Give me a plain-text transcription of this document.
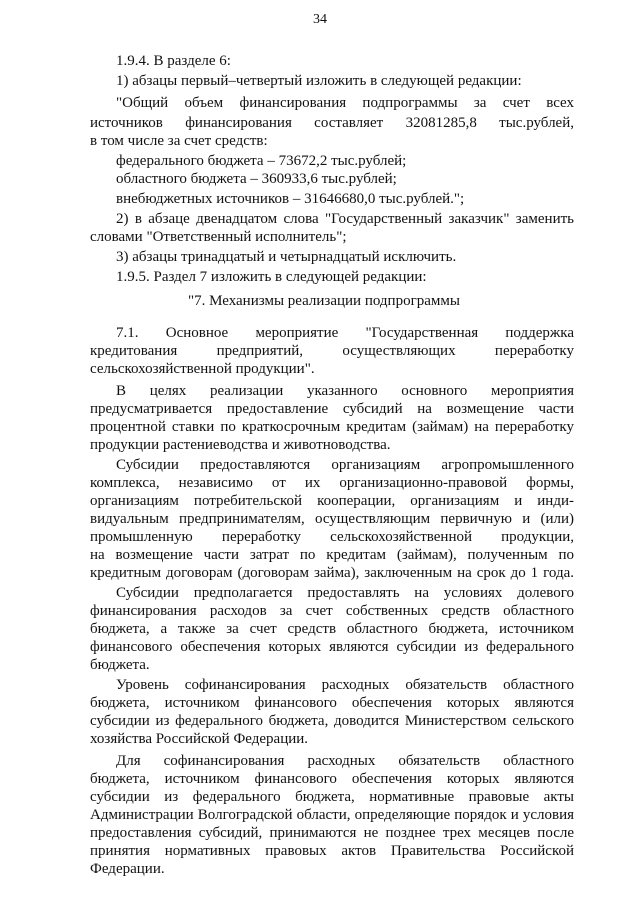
34
1.9.4. В разделе 6:
1) абзацы первый–четвертый изложить в следующей редакции:
"Общий объем финансирования подпрограммы за счет всех
источников финансирования составляет 32081285,8 тыс.рублей,
в том числе за счет средств:
федерального бюджета – 73672,2 тыс.рублей;
областного бюджета – 360933,6 тыс.рублей;
внебюджетных источников – 31646680,0 тыс.рублей.";
2) в абзаце двенадцатом слова "Государственный заказчик" заменить
словами "Ответственный исполнитель";
3) абзацы тринадцатый и четырнадцатый исключить.
1.9.5. Раздел 7 изложить в следующей редакции:
"7. Механизмы реализации подпрограммы
7.1. Основное мероприятие "Государственная поддержка
кредитования предприятий, осуществляющих переработку
сельскохозяйственной продукции".
В целях реализации указанного основного мероприятия
предусматривается предоставление субсидий на возмещение части
процентной ставки по краткосрочным кредитам (займам) на переработку
продукции растениеводства и животноводства.
Субсидии предоставляются организациям агропромышленного
комплекса, независимо от их организационно-правовой формы,
организациям потребительской кооперации, организациям и инди-
видуальным предпринимателям, осуществляющим первичную и (или)
промышленную переработку сельскохозяйственной продукции,
на возмещение части затрат по кредитам (займам), полученным по
кредитным договорам (договорам займа), заключенным на срок до 1 года.
Субсидии предполагается предоставлять на условиях долевого
финансирования расходов за счет собственных средств областного
бюджета, а также за счет средств областного бюджета, источником
финансового обеспечения которых являются субсидии из федерального
бюджета.
Уровень софинансирования расходных обязательств областного
бюджета, источником финансового обеспечения которых являются
субсидии из федерального бюджета, доводится Министерством сельского
хозяйства Российской Федерации.
Для софинансирования расходных обязательств областного
бюджета, источником финансового обеспечения которых являются
субсидии из федерального бюджета, нормативные правовые акты
Администрации Волгоградской области, определяющие порядок и условия
предоставления субсидий, принимаются не позднее трех месяцев после
принятия нормативных правовых актов Правительства Российской
Федерации.
